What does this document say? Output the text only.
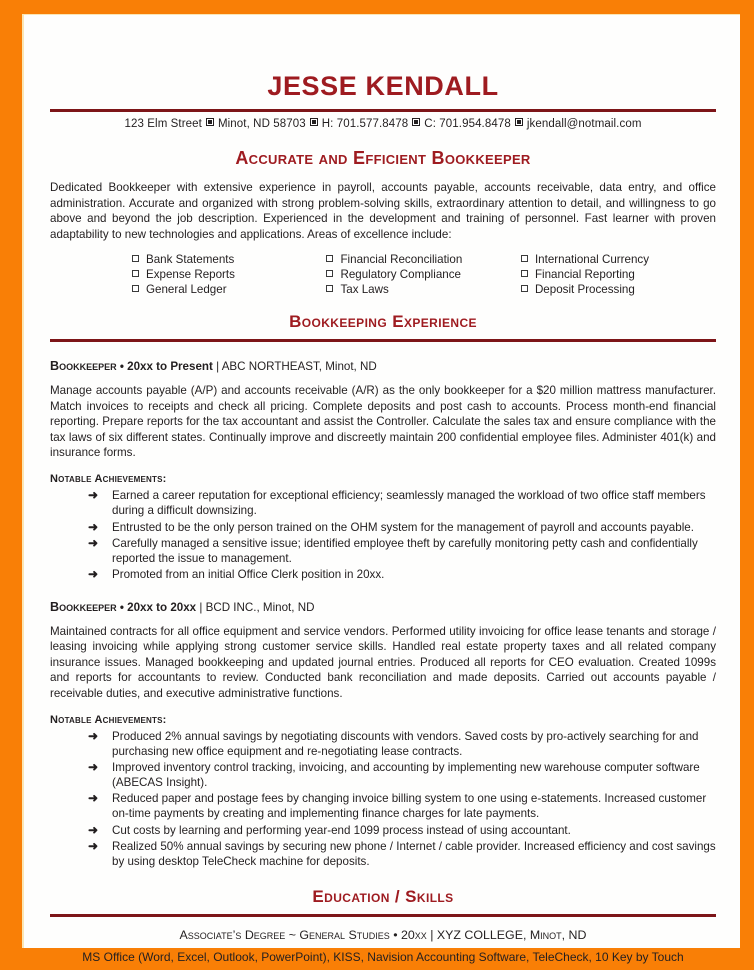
JESSE KENDALL
123 Elm Street Minot, ND 58703 H: 701.577.8478 C: 701.954.8478 jkendall@notmail.com
Accurate and Efficient Bookkeeper
Dedicated Bookkeeper with extensive experience in payroll, accounts payable, accounts receivable, data entry, and office administration. Accurate and organized with strong problem-solving skills, extraordinary attention to detail, and willingness to go above and beyond the job description. Experienced in the development and training of personnel. Fast learner with proven adaptability to new technologies and applications. Areas of excellence include:
Bank Statements
Expense Reports
General Ledger
Financial Reconciliation
Regulatory Compliance
Tax Laws
International Currency
Financial Reporting
Deposit Processing
Bookkeeping Experience
Bookkeeper • 20xx to Present | ABC NORTHEAST, Minot, ND
Manage accounts payable (A/P) and accounts receivable (A/R) as the only bookkeeper for a $20 million mattress manufacturer. Match invoices to receipts and check all pricing. Complete deposits and post cash to accounts. Process month-end financial reporting. Prepare reports for the tax accountant and assist the Controller. Calculate the sales tax and ensure compliance with the tax laws of six different states. Continually improve and discreetly maintain 200 confidential employee files. Administer 401(k) and insurance forms.
Notable Achievements:
➜ Earned a career reputation for exceptional efficiency; seamlessly managed the workload of two office staff members during a difficult downsizing.
➜ Entrusted to be the only person trained on the OHM system for the management of payroll and accounts payable.
➜ Carefully managed a sensitive issue; identified employee theft by carefully monitoring petty cash and confidentially reported the issue to management.
➜ Promoted from an initial Office Clerk position in 20xx.
Bookkeeper • 20xx to 20xx | BCD INC., Minot, ND
Maintained contracts for all office equipment and service vendors. Performed utility invoicing for office lease tenants and storage / leasing invoicing while applying strong customer service skills. Handled real estate property taxes and all related company insurance issues. Managed bookkeeping and updated journal entries. Produced all reports for CEO evaluation. Created 1099s and reports for accountants to review. Conducted bank reconciliation and made deposits. Carried out accounts payable / receivable duties, and executive administrative functions.
Notable Achievements:
➜ Produced 2% annual savings by negotiating discounts with vendors. Saved costs by pro-actively searching for and purchasing new office equipment and re-negotiating lease contracts.
➜ Improved inventory control tracking, invoicing, and accounting by implementing new warehouse computer software (ABECAS Insight).
➜ Reduced paper and postage fees by changing invoice billing system to one using e-statements. Increased customer on-time payments by creating and implementing finance charges for late payments.
➜ Cut costs by learning and performing year-end 1099 process instead of using accountant.
➜ Realized 50% annual savings by securing new phone / Internet / cable provider. Increased efficiency and cost savings by using desktop TeleCheck machine for deposits.
Education / Skills
Associate’s Degree ~ General Studies • 20xx | XYZ COLLEGE, Minot, ND
MS Office (Word, Excel, Outlook, PowerPoint), KISS, Navision Accounting Software, TeleCheck, 10 Key by Touch
